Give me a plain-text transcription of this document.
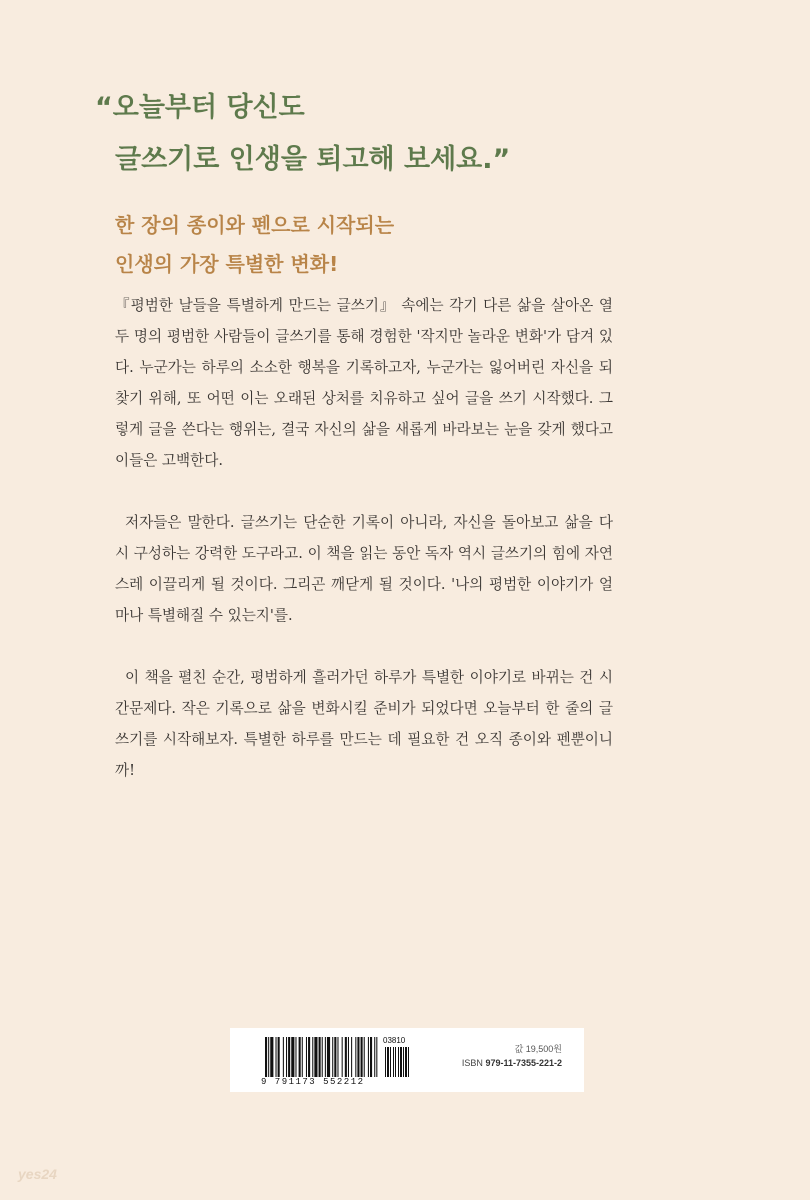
“오늘부터 당신도
글쓰기로 인생을 퇴고해 보세요.”
한 장의 종이와 펜으로 시작되는
인생의 가장 특별한 변화!

『평범한 날들을 특별하게 만드는 글쓰기』 속에는 각기 다른 삶을 살아온 열두 명의 평범한 사람들이 글쓰기를 통해 경험한 '작지만 놀라운 변화'가 담겨 있다. 누군가는 하루의 소소한 행복을 기록하고자, 누군가는 잃어버린 자신을 되찾기 위해, 또 어떤 이는 오래된 상처를 치유하고 싶어 글을 쓰기 시작했다. 그렇게 글을 쓴다는 행위는, 결국 자신의 삶을 새롭게 바라보는 눈을 갖게 했다고 이들은 고백한다.

저자들은 말한다. 글쓰기는 단순한 기록이 아니라, 자신을 돌아보고 삶을 다시 구성하는 강력한 도구라고. 이 책을 읽는 동안 독자 역시 글쓰기의 힘에 자연스레 이끌리게 될 것이다. 그리곤 깨닫게 될 것이다. '나의 평범한 이야기가 얼마나 특별해질 수 있는지'를.

이 책을 펼친 순간, 평범하게 흘러가던 하루가 특별한 이야기로 바뀌는 건 시간문제다. 작은 기록으로 삶을 변화시킬 준비가 되었다면 오늘부터 한 줄의 글쓰기를 시작해보자. 특별한 하루를 만드는 데 필요한 건 오직 종이와 펜뿐이니까!

03810
9 791173 552212
값 19,500원
ISBN 979-11-7355-221-2
yes24
